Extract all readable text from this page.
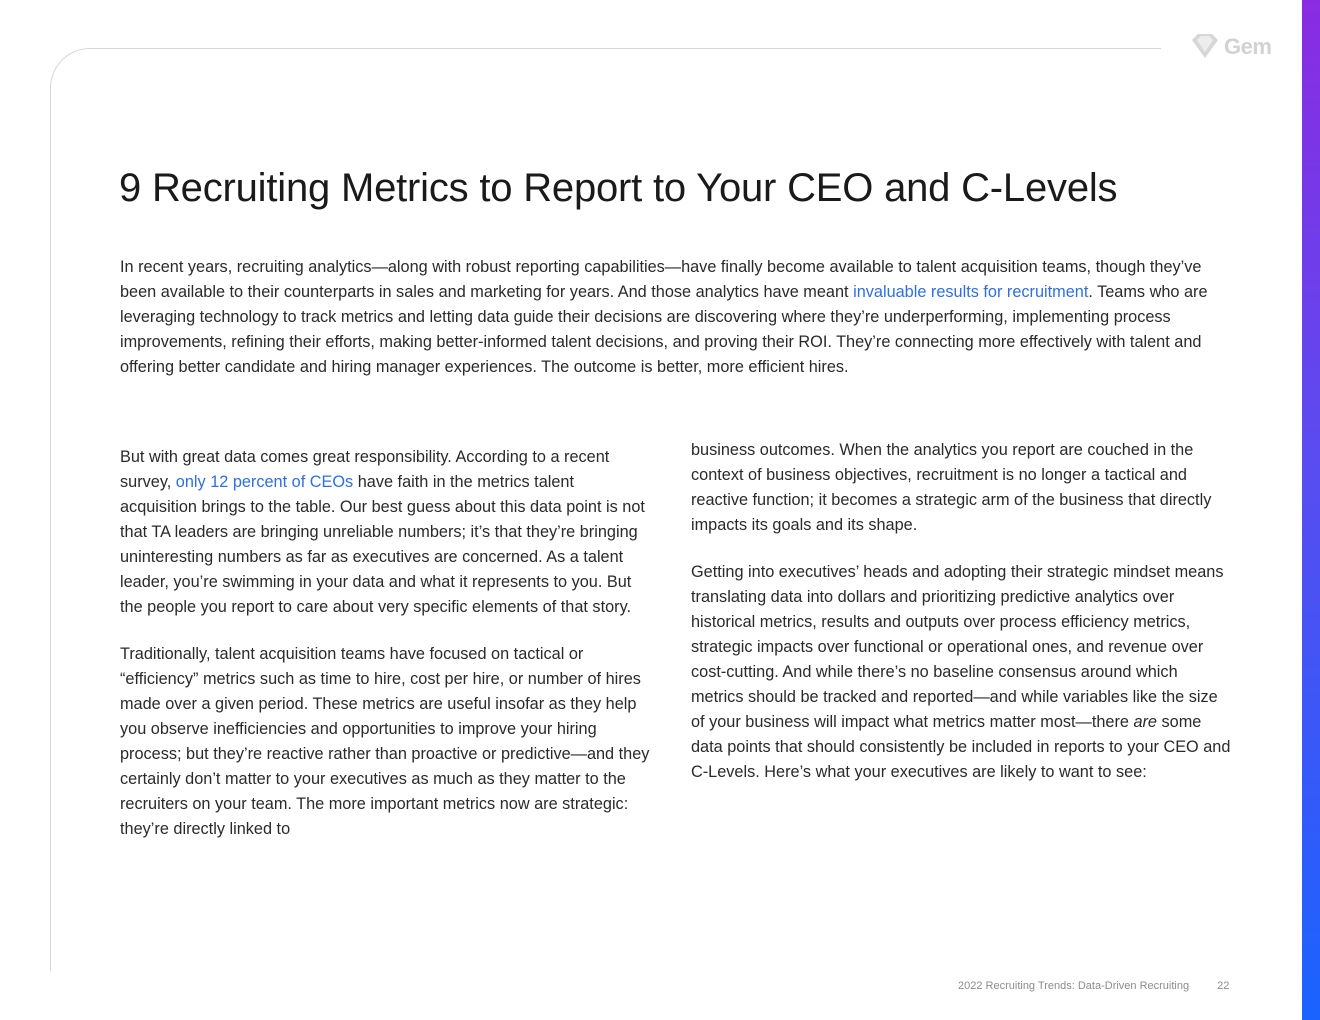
Gem
9 Recruiting Metrics to Report to Your CEO and C-Levels

In recent years, recruiting analytics—along with robust reporting capabilities—have finally become available to talent acquisition teams, though they’ve been available to their counterparts in sales and marketing for years. And those analytics have meant invaluable results for recruitment. Teams who are leveraging technology to track metrics and letting data guide their decisions are discovering where they’re underperforming, implementing process improvements, refining their efforts, making better-informed talent decisions, and proving their ROI. They’re connecting more effectively with talent and offering better candidate and hiring manager experiences. The outcome is better, more efficient hires.

But with great data comes great responsibility. According to a recent survey, only 12 percent of CEOs have faith in the metrics talent acquisition brings to the table. Our best guess about this data point is not that TA leaders are bringing unreliable numbers; it’s that they’re bringing uninteresting numbers as far as executives are concerned. As a talent leader, you’re swimming in your data and what it represents to you. But the people you report to care about very specific elements of that story.

Traditionally, talent acquisition teams have focused on tactical or “efficiency” metrics such as time to hire, cost per hire, or number of hires made over a given period. These metrics are useful insofar as they help you observe inefficiencies and opportunities to improve your hiring process; but they’re reactive rather than proactive or predictive—and they certainly don’t matter to your executives as much as they matter to the recruiters on your team. The more important metrics now are strategic: they’re directly linked to

business outcomes. When the analytics you report are couched in the context of business objectives, recruitment is no longer a tactical and reactive function; it becomes a strategic arm of the business that directly impacts its goals and its shape.

Getting into executives’ heads and adopting their strategic mindset means translating data into dollars and prioritizing predictive analytics over historical metrics, results and outputs over process efficiency metrics, strategic impacts over functional or operational ones, and revenue over cost-cutting. And while there’s no baseline consensus around which metrics should be tracked and reported—and while variables like the size of your business will impact what metrics matter most—there are some data points that should consistently be included in reports to your CEO and C-Levels. Here’s what your executives are likely to want to see:

2022 Recruiting Trends: Data-Driven Recruiting	22
